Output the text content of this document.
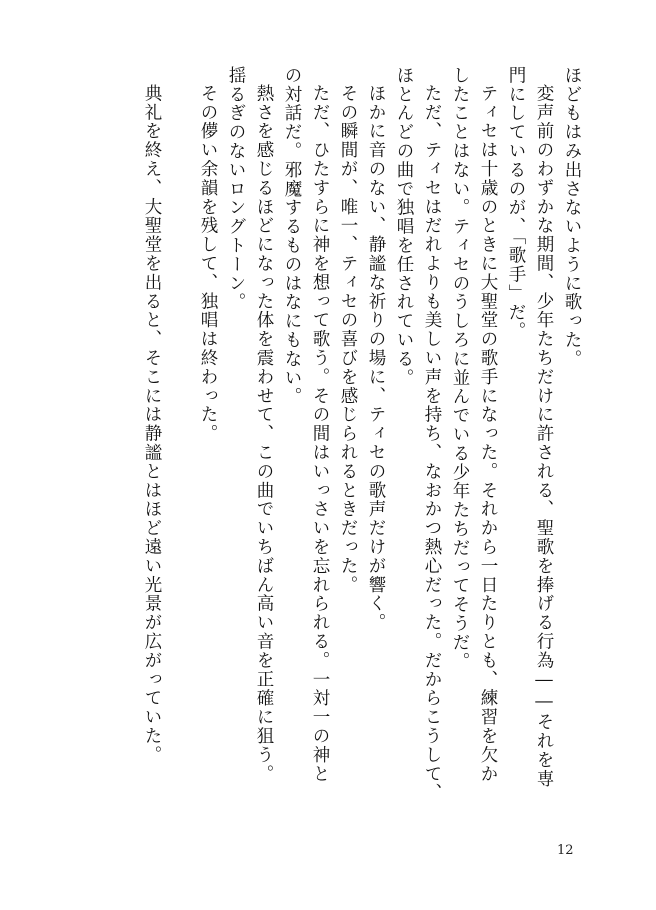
ほどもはみ出さないように歌った。
変声前のわずかな期間、少年たちだけに許される、聖歌を捧げる行為――それを専
門にしているのが、「歌手」だ。
ティセは十歳のときに大聖堂の歌手になった。それから一日たりとも、練習を欠か
したことはない。ティセのうしろに並んでいる少年たちだってそうだ。
ただ、ティセはだれよりも美しい声を持ち、なおかつ熱心だった。だからこうして、
ほとんどの曲で独唱を任されている。
ほかに音のない、静謐な祈りの場に、ティセの歌声だけが響く。
その瞬間が、唯一、ティセの喜びを感じられるときだった。
ただ、ひたすらに神を想って歌う。その間はいっさいを忘れられる。一対一の神と
の対話だ。邪魔するものはなにもない。
熱さを感じるほどになった体を震わせて、この曲でいちばん高い音を正確に狙う。
揺るぎのないロングトーン。
その儚い余韻を残して、独唱は終わった。
典礼を終え、大聖堂を出ると、そこには静謐とはほど遠い光景が広がっていた。
12
